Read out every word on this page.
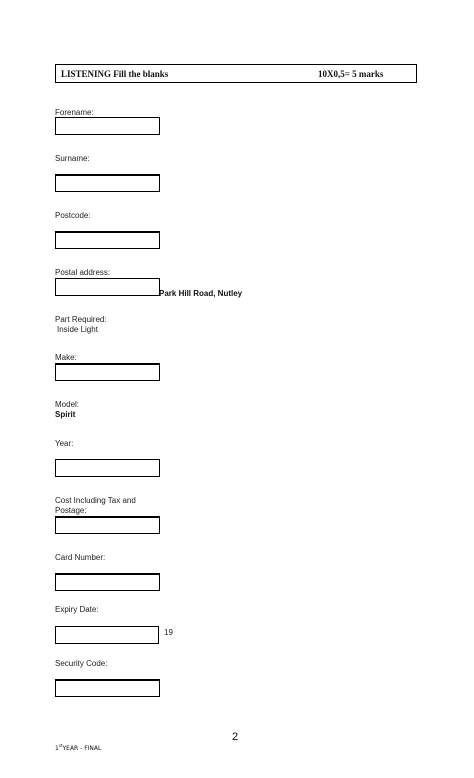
LISTENING Fill the blanks	10X0,5= 5 marks
Forename:
Surname:
Postcode:
Postal address:
Park Hill Road, Nutley
Part Required:
Inside Light
Make:
Model:
Spirit
Year:
Cost Including Tax and
Postage:
Card Number:
Expiry Date:
19
Security Code:
2
1stYEAR - FINAL
